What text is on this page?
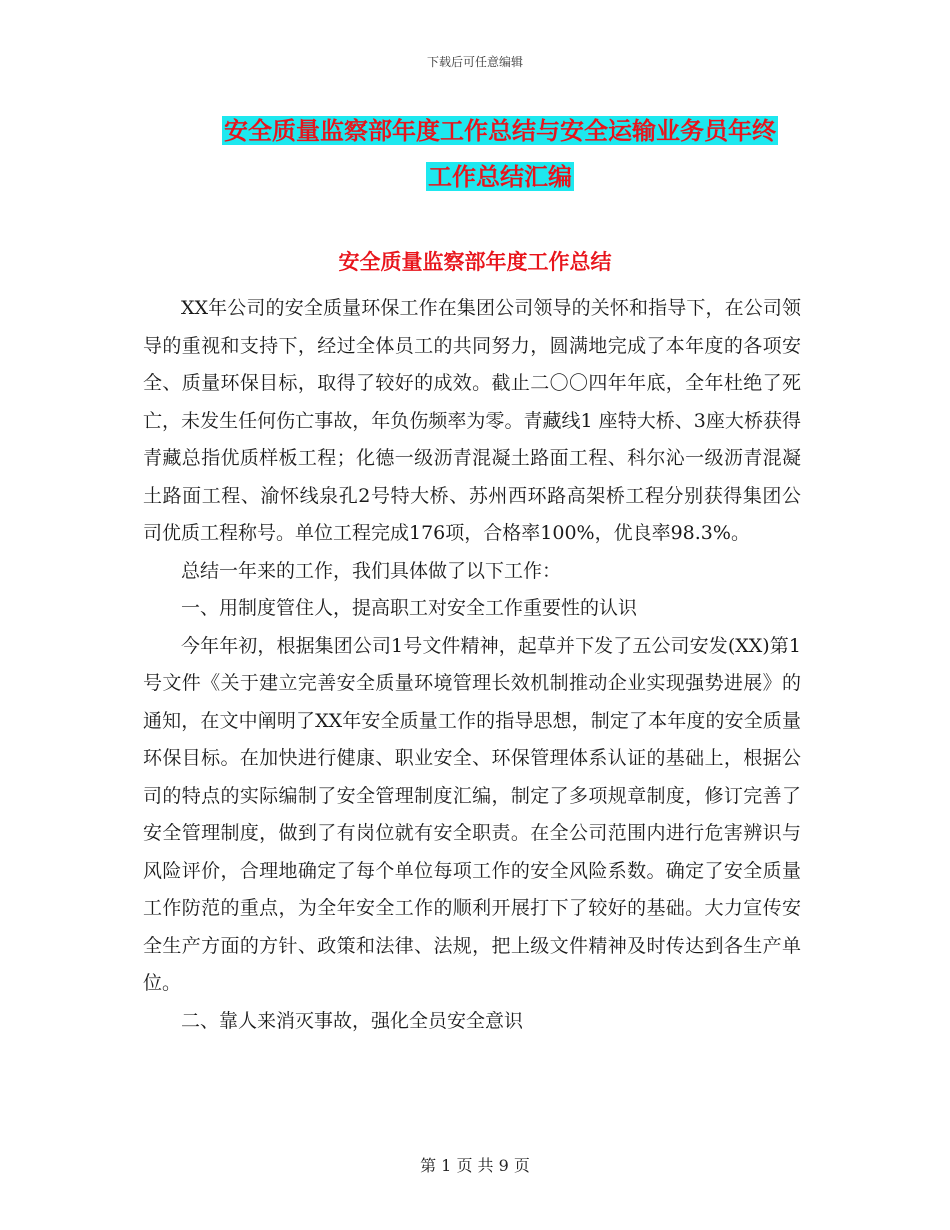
下载后可任意编辑
安全质量监察部年度工作总结与安全运输业务员年终
工作总结汇编
安全质量监察部年度工作总结

XX年公司的安全质量环保工作在集团公司领导的关怀和指导下，在公司领导的重视和支持下，经过全体员工的共同努力，圆满地完成了本年度的各项安全、质量环保目标，取得了较好的成效。截止二〇〇四年年底，全年杜绝了死亡，未发生任何伤亡事故，年负伤频率为零。青藏线1 座特大桥、3座大桥获得青藏总指优质样板工程；化德一级沥青混凝土路面工程、科尔沁一级沥青混凝土路面工程、渝怀线泉孔2号特大桥、苏州西环路高架桥工程分别获得集团公司优质工程称号。单位工程完成176项，合格率100%，优良率98.3%。

总结一年来的工作，我们具体做了以下工作：

一、用制度管住人，提高职工对安全工作重要性的认识

今年年初，根据集团公司1号文件精神，起草并下发了五公司安发(XX)第1号文件《关于建立完善安全质量环境管理长效机制推动企业实现强势进展》的通知，在文中阐明了XX年安全质量工作的指导思想，制定了本年度的安全质量环保目标。在加快进行健康、职业安全、环保管理体系认证的基础上，根据公司的特点的实际编制了安全管理制度汇编，制定了多项规章制度，修订完善了安全管理制度，做到了有岗位就有安全职责。在全公司范围内进行危害辨识与风险评价，合理地确定了每个单位每项工作的安全风险系数。确定了安全质量工作防范的重点，为全年安全工作的顺利开展打下了较好的基础。大力宣传安全生产方面的方针、政策和法律、法规，把上级文件精神及时传达到各生产单位。

二、靠人来消灭事故，强化全员安全意识

第 1 页 共 9 页
